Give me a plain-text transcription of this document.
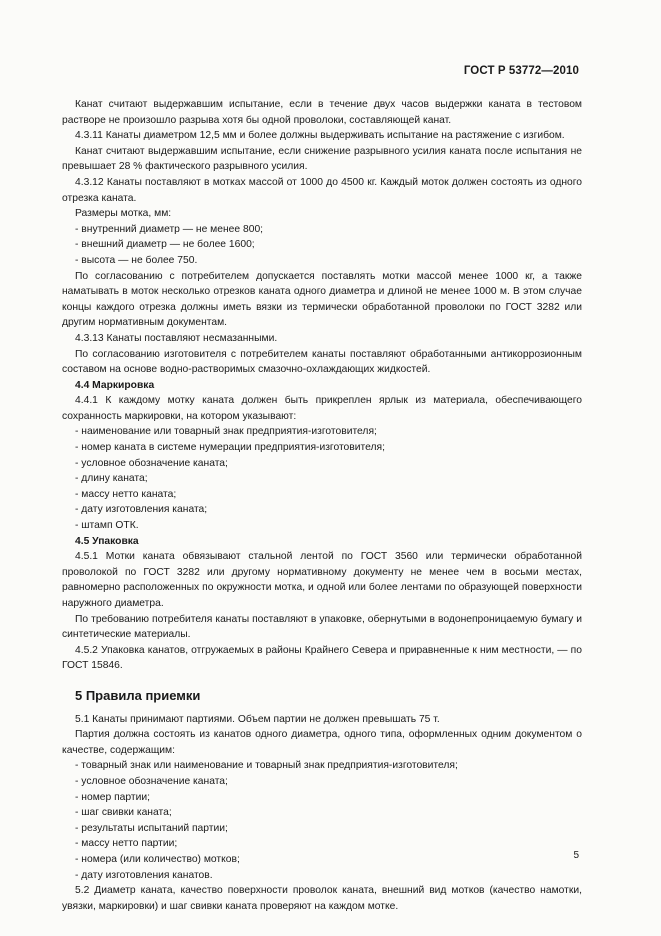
ГОСТ Р 53772—2010
Канат считают выдержавшим испытание, если в течение двух часов выдержки каната в тестовом растворе не произошло разрыва хотя бы одной проволоки, составляющей канат.
4.3.11 Канаты диаметром 12,5 мм и более должны выдерживать испытание на растяжение с изгибом.
Канат считают выдержавшим испытание, если снижение разрывного усилия каната после испытания не превышает 28 % фактического разрывного усилия.
4.3.12 Канаты поставляют в мотках массой от 1000 до 4500 кг. Каждый моток должен состоять из одного отрезка каната.
Размеры мотка, мм:
- внутренний диаметр — не менее 800;
- внешний диаметр — не более 1600;
- высота — не более 750.
По согласованию с потребителем допускается поставлять мотки массой менее 1000 кг, а также наматывать в моток несколько отрезков каната одного диаметра и длиной не менее 1000 м. В этом случае концы каждого отрезка должны иметь вязки из термически обработанной проволоки по ГОСТ 3282 или другим нормативным документам.
4.3.13 Канаты поставляют несмазанными.
По согласованию изготовителя с потребителем канаты поставляют обработанными антикоррозионным составом на основе водно-растворимых смазочно-охлаждающих жидкостей.
4.4 Маркировка
4.4.1 К каждому мотку каната должен быть прикреплен ярлык из материала, обеспечивающего сохранность маркировки, на котором указывают:
- наименование или товарный знак предприятия-изготовителя;
- номер каната в системе нумерации предприятия-изготовителя;
- условное обозначение каната;
- длину каната;
- массу нетто каната;
- дату изготовления каната;
- штамп ОТК.
4.5 Упаковка
4.5.1 Мотки каната обвязывают стальной лентой по ГОСТ 3560 или термически обработанной проволокой по ГОСТ 3282 или другому нормативному документу не менее чем в восьми местах, равномерно расположенных по окружности мотка, и одной или более лентами по образующей поверхности наружного диаметра.
По требованию потребителя канаты поставляют в упаковке, обернутыми в водонепроницаемую бумагу и синтетические материалы.
4.5.2 Упаковка канатов, отгружаемых в районы Крайнего Севера и приравненные к ним местности, — по ГОСТ 15846.
5 Правила приемки
5.1 Канаты принимают партиями. Объем партии не должен превышать 75 т.
Партия должна состоять из канатов одного диаметра, одного типа, оформленных одним документом о качестве, содержащим:
- товарный знак или наименование и товарный знак предприятия-изготовителя;
- условное обозначение каната;
- номер партии;
- шаг свивки каната;
- результаты испытаний партии;
- массу нетто партии;
- номера (или количество) мотков;
- дату изготовления канатов.
5.2 Диаметр каната, качество поверхности проволок каната, внешний вид мотков (качество намотки, увязки, маркировки) и шаг свивки каната проверяют на каждом мотке.
5
